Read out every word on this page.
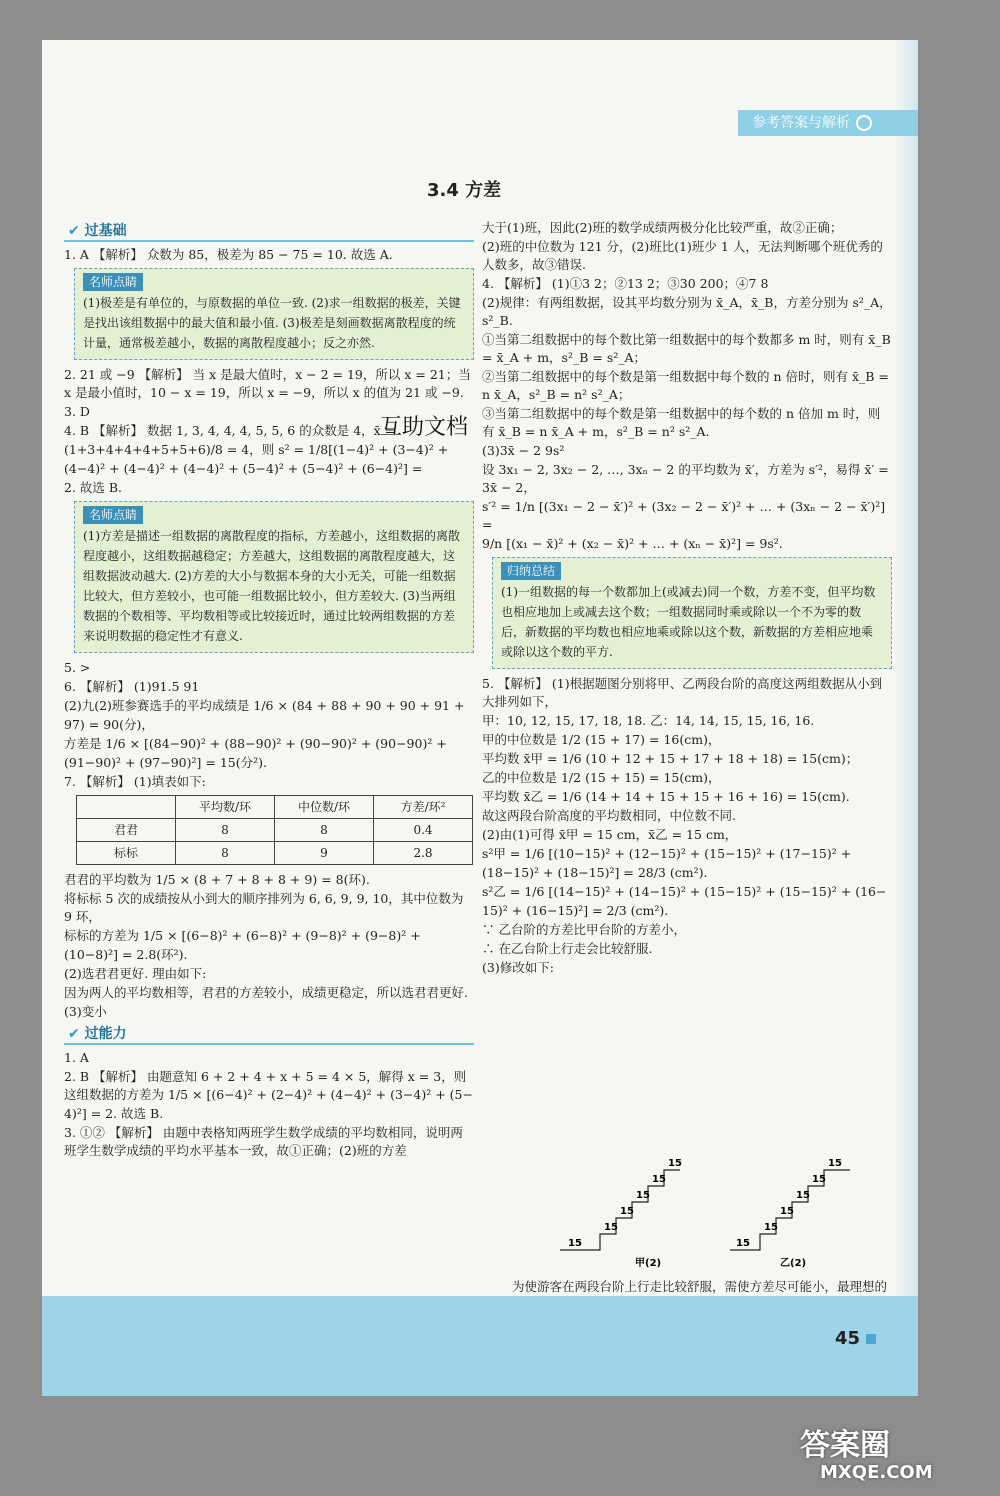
参考答案与解析
3.4 方差
✔ 过基础
1. A 【解析】 众数为 85，极差为 85 − 75 = 10. 故选 A.
名师点睛
(1)极差是有单位的，与原数据的单位一致. (2)求一组数据的极差，关键是找出该组数据中的最大值和最小值. (3)极差是刻画数据离散程度的统计量，通常极差越小，数据的离散程度越小；反之亦然.
2. 21 或 −9 【解析】 当 x 是最大值时，x − 2 = 19，所以 x = 21；当 x 是最小值时，10 − x = 19，所以 x = −9，所以 x 的值为 21 或 −9.
3. D
4. B 【解析】 数据 1, 3, 4, 4, 4, 5, 5, 6 的众数是 4，x̄ =
(1+3+4+4+4+5+5+6)/8 = 4，则 s² = 1/8[(1−4)² + (3−4)² +
(4−4)² + (4−4)² + (4−4)² + (5−4)² + (5−4)² + (6−4)²] =
2. 故选 B.
名师点睛
(1)方差是描述一组数据的离散程度的指标，方差越小，这组数据的离散程度越小，这组数据越稳定；方差越大，这组数据的离散程度越大，这组数据波动越大. (2)方差的大小与数据本身的大小无关，可能一组数据比较大，但方差较小，也可能一组数据比较小，但方差较大. (3)当两组数据的个数相等、平均数相等或比较接近时，通过比较两组数据的方差来说明数据的稳定性才有意义.
5. >
6. 【解析】 (1)91.5 91
(2)九(2)班参赛选手的平均成绩是 1/6 × (84 + 88 + 90 + 90 + 91 +
97) = 90(分)，
方差是 1/6 × [(84−90)² + (88−90)² + (90−90)² + (90−90)² +
(91−90)² + (97−90)²] = 15(分²).
7. 【解析】 (1)填表如下:
	平均数/环	中位数/环	方差/环²
君君	8	8	0.4
标标	8	9	2.8
君君的平均数为 1/5 × (8 + 7 + 8 + 8 + 9) = 8(环).
将标标 5 次的成绩按从小到大的顺序排列为 6, 6, 9, 9, 10，其中位数为 9 环，
标标的方差为 1/5 × [(6−8)² + (6−8)² + (9−8)² + (9−8)² +
(10−8)²] = 2.8(环²).
(2)选君君更好. 理由如下:
因为两人的平均数相等，君君的方差较小，成绩更稳定，所以选君君更好.
(3)变小
✔ 过能力
1. A
2. B 【解析】 由题意知 6 + 2 + 4 + x + 5 = 4 × 5，解得 x = 3，则这组数据的方差为 1/5 × [(6−4)² + (2−4)² + (4−4)² + (3−4)² + (5−
4)²] = 2. 故选 B.
3. ①② 【解析】 由题中表格知两班学生数学成绩的平均数相同，说明两班学生数学成绩的平均水平基本一致，故①正确；(2)班的方差
大于(1)班，因此(2)班的数学成绩两极分化比较严重，故②正确；
(2)班的中位数为 121 分，(2)班比(1)班少 1 人，无法判断哪个班优秀的人数多，故③错误.
4. 【解析】 (1)①3 2；②13 2；③30 200；④7 8
(2)规律：有两组数据，设其平均数分别为 x̄_A，x̄_B，方差分别为 s²_A，s²_B.
①当第二组数据中的每个数比第一组数据中的每个数都多 m 时，则有 x̄_B = x̄_A + m，s²_B = s²_A；
②当第二组数据中的每个数是第一组数据中每个数的 n 倍时，则有 x̄_B = n x̄_A，s²_B = n² s²_A；
③当第二组数据中的每个数是第一组数据中的每个数的 n 倍加 m 时，则有 x̄_B = n x̄_A + m，s²_B = n² s²_A.
(3)3x̄ − 2 9s²
设 3x₁ − 2, 3x₂ − 2, …, 3xₙ − 2 的平均数为 x̄′，方差为 s′²，易得 x̄′ = 3x̄ − 2，
s′² = 1/n [(3x₁ − 2 − x̄′)² + (3x₂ − 2 − x̄′)² + … + (3xₙ − 2 − x̄′)²] =
9/n [(x₁ − x̄)² + (x₂ − x̄)² + … + (xₙ − x̄)²] = 9s².
归纳总结
(1)一组数据的每一个数都加上(或减去)同一个数，方差不变，但平均数也相应地加上或减去这个数；一组数据同时乘或除以一个不为零的数后，新数据的平均数也相应地乘或除以这个数，新数据的方差相应地乘或除以这个数的平方.
5. 【解析】 (1)根据题图分别将甲、乙两段台阶的高度这两组数据从小到大排列如下，
甲：10, 12, 15, 17, 18, 18. 乙：14, 14, 15, 15, 16, 16.
甲的中位数是 1/2 (15 + 17) = 16(cm)，
平均数 x̄甲 = 1/6 (10 + 12 + 15 + 17 + 18 + 18) = 15(cm)；
乙的中位数是 1/2 (15 + 15) = 15(cm)，
平均数 x̄乙 = 1/6 (14 + 14 + 15 + 15 + 16 + 16) = 15(cm).
故这两段台阶高度的平均数相同，中位数不同.
(2)由(1)可得 x̄甲 = 15 cm，x̄乙 = 15 cm，
s²甲 = 1/6 [(10−15)² + (12−15)² + (15−15)² + (17−15)² +
(18−15)² + (18−15)²] = 28/3 (cm²).
s²乙 = 1/6 [(14−15)² + (14−15)² + (15−15)² + (15−15)² + (16−
15)² + (16−15)²] = 2/3 (cm²).
∵ 乙台阶的方差比甲台阶的方差小，
∴ 在乙台阶上行走会比较舒服.
(3)修改如下:
15
15
15
15
15
15
15
15
15
15
15
15
甲(2)	乙(2)
为使游客在两段台阶上行走比较舒服，需使方差尽可能小，最理想的
45
互助文档
答案圈
MXQE.COM
